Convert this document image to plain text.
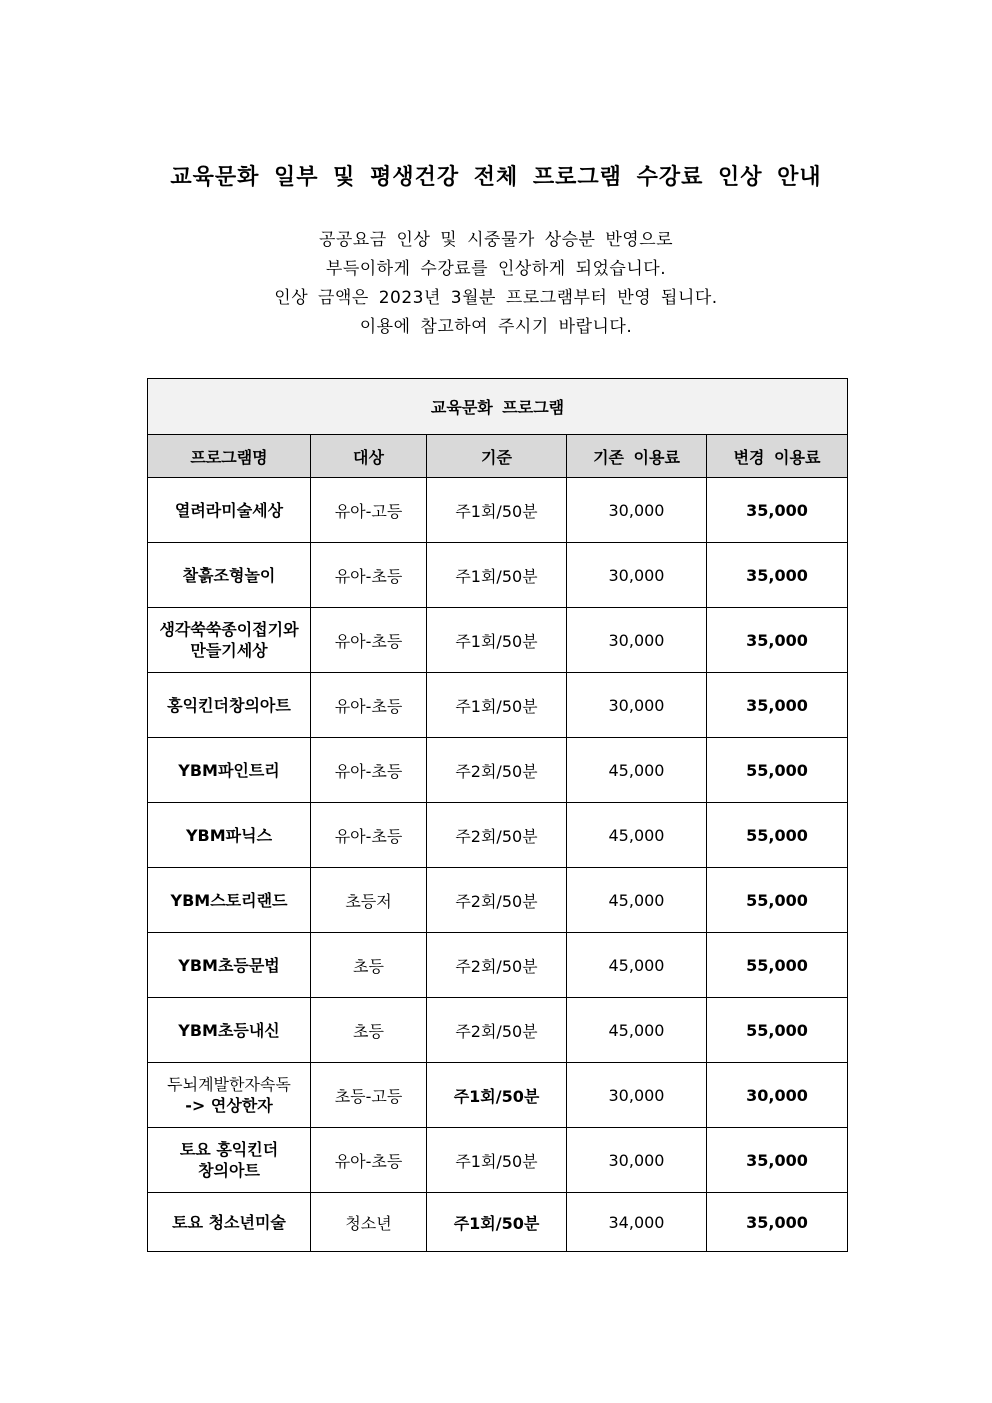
교육문화 일부 및 평생건강 전체 프로그램 수강료 인상 안내
공공요금 인상 및 시중물가 상승분 반영으로
부득이하게 수강료를 인상하게 되었습니다.
인상 금액은 2023년 3월분 프로그램부터 반영 됩니다.
이용에 참고하여 주시기 바랍니다.
교육문화 프로그램				
프로그램명	대상	기준	기존 이용료	변경 이용료
열려라미술세상	유아-고등	주1회/50분	30,000	35,000
찰흙조형놀이	유아-초등	주1회/50분	30,000	35,000
생각쑥쑥종이접기와
만들기세상	유아-초등	주1회/50분	30,000	35,000
홍익킨더창의아트	유아-초등	주1회/50분	30,000	35,000
YBM파인트리	유아-초등	주2회/50분	45,000	55,000
YBM파닉스	유아-초등	주2회/50분	45,000	55,000
YBM스토리랜드	초등저	주2회/50분	45,000	55,000
YBM초등문법	초등	주2회/50분	45,000	55,000
YBM초등내신	초등	주2회/50분	45,000	55,000
두뇌계발한자속독
-> 연상한자	초등-고등	주1회/50분	30,000	30,000
토요 홍익킨더
창의아트	유아-초등	주1회/50분	30,000	35,000
토요 청소년미술	청소년	주1회/50분	34,000	35,000
